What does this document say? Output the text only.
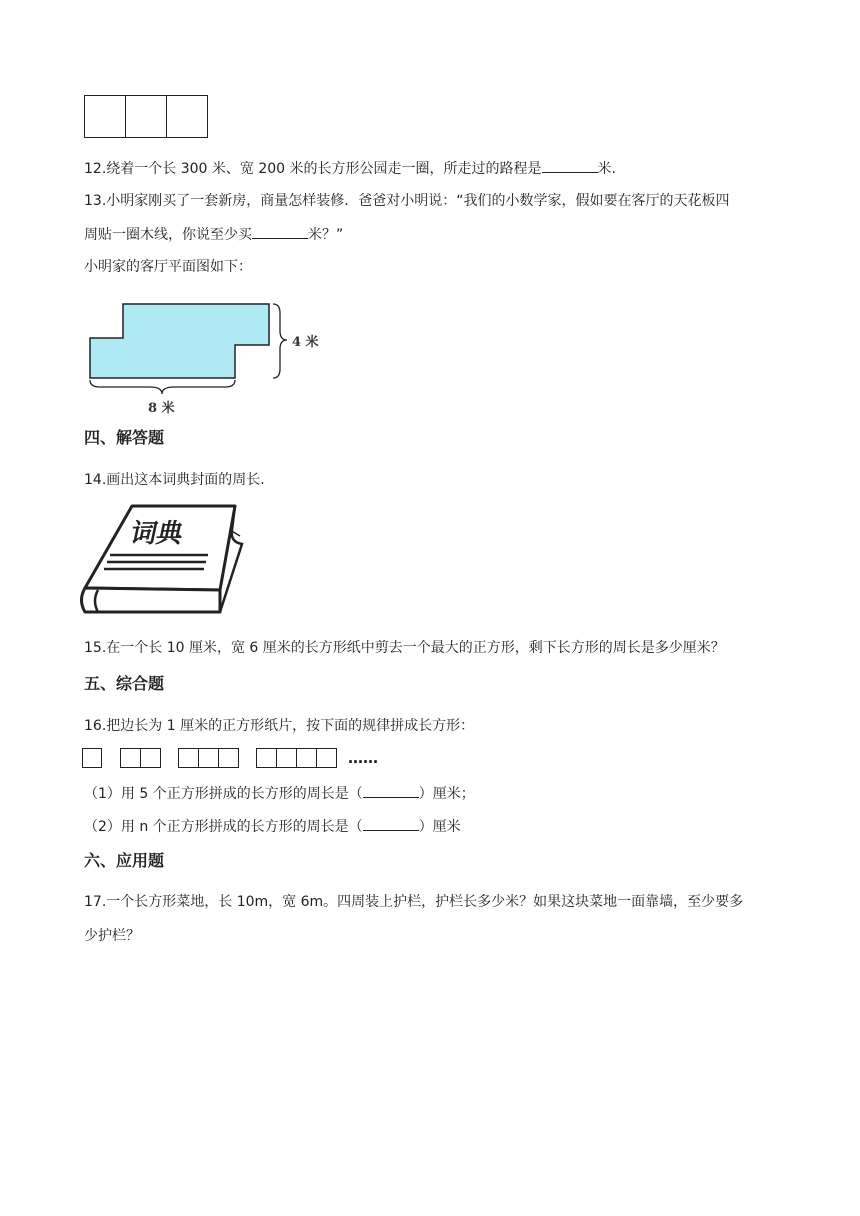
12.绕着一个长 300 米、宽 200 米的长方形公园走一圈，所走过的路程是	米.
13.小明家刚买了一套新房，商量怎样装修．爸爸对小明说：“我们的小数学家，假如要在客厅的天花板四
周贴一圈木线，你说至少买	米？”
小明家的客厅平面图如下：
4 米
8 米
四、解答题
14.画出这本词典封面的周长.
词典
15.在一个长 10 厘米，宽 6 厘米的长方形纸中剪去一个最大的正方形，剩下长方形的周长是多少厘米？
五、综合题
16.把边长为 1 厘米的正方形纸片，按下面的规律拼成长方形：
……
（1）用 5 个正方形拼成的长方形的周长是（	）厘米；
（2）用 n 个正方形拼成的长方形的周长是（	）厘米
六、应用题
17.一个长方形菜地，长 10m，宽 6m。四周装上护栏，护栏长多少米？如果这块菜地一面靠墙，至少要多
少护栏？
